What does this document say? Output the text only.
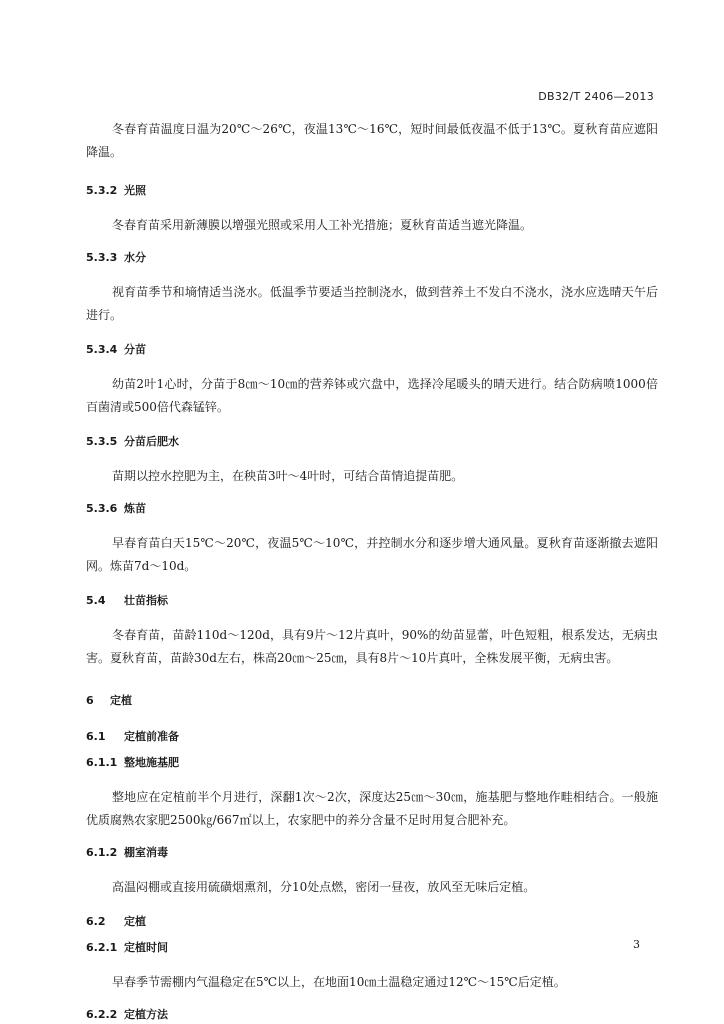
DB32/T 2406—2013

冬春育苗温度日温为20℃～26℃，夜温13℃～16℃，短时间最低夜温不低于13℃。夏秋育苗应遮阳降温。

5.3.2 光照

冬春育苗采用新薄膜以增强光照或采用人工补光措施；夏秋育苗适当遮光降温。

5.3.3 水分

视育苗季节和墒情适当浇水。低温季节要适当控制浇水，做到营养土不发白不浇水，浇水应选晴天午后进行。

5.3.4 分苗

幼苗2叶1心时，分苗于8㎝～10㎝的营养钵或穴盘中，选择冷尾暖头的晴天进行。结合防病喷1000倍百菌清或500倍代森锰锌。

5.3.5 分苗后肥水

苗期以控水控肥为主，在秧苗3叶～4叶时，可结合苗情追提苗肥。

5.3.6 炼苗

早春育苗白天15℃～20℃，夜温5℃～10℃，并控制水分和逐步增大通风量。夏秋育苗逐渐撤去遮阳网。炼苗7d～10d。

5.4 壮苗指标

冬春育苗，苗龄110d～120d，具有9片～12片真叶，90%的幼苗显蕾，叶色短粗，根系发达，无病虫害。夏秋育苗，苗龄30d左右，株高20㎝～25㎝，具有8片～10片真叶，全株发展平衡，无病虫害。

6 定植
6.1 定植前准备
6.1.1 整地施基肥

整地应在定植前半个月进行，深翻1次～2次，深度达25㎝～30㎝，施基肥与整地作畦相结合。一般施优质腐熟农家肥2500㎏/667㎡以上，农家肥中的养分含量不足时用复合肥补充。

6.1.2 棚室消毒

高温闷棚或直接用硫磺烟熏剂，分10处点燃，密闭一昼夜，放风至无味后定植。

6.2 定植
6.2.1 定植时间

早春季节需棚内气温稳定在5℃以上，在地面10㎝土温稳定通过12℃～15℃后定植。

6.2.2 定植方法
3
